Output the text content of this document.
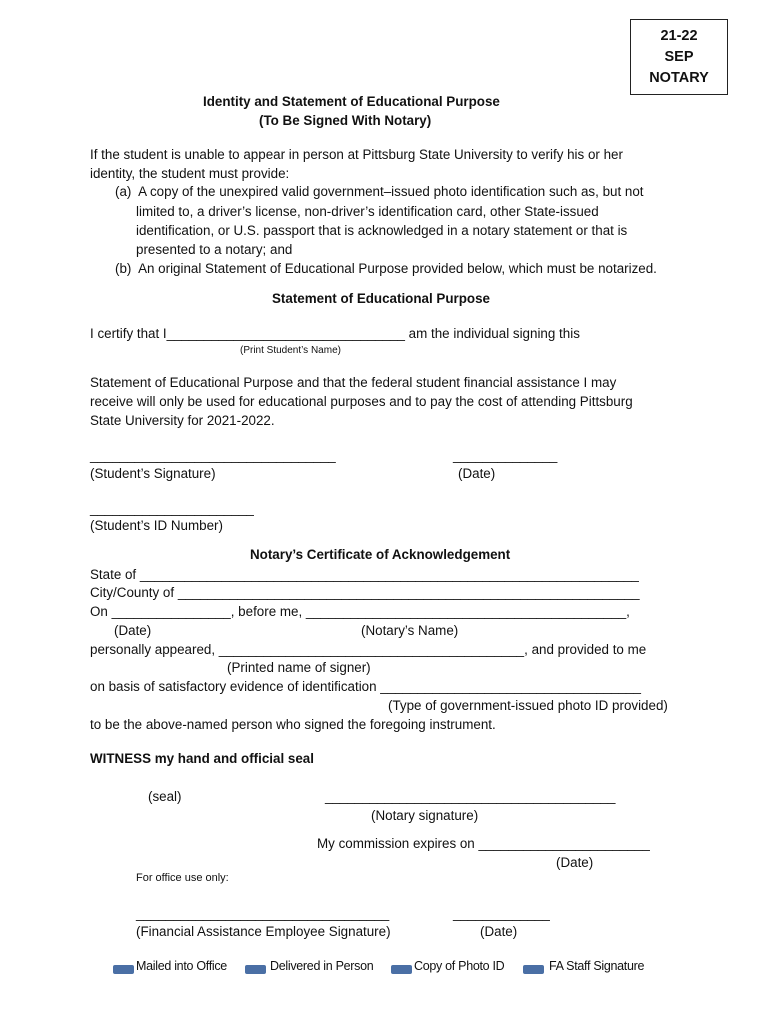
21-22
SEP
NOTARY
Identity and Statement of Educational Purpose
(To Be Signed With Notary)
If the student is unable to appear in person at Pittsburg State University to verify his or her
identity, the student must provide:
(a)  A copy of the unexpired valid government–issued photo identification such as, but not
limited to, a driver’s license, non-driver’s identification card, other State-issued
identification, or U.S. passport that is acknowledged in a notary statement or that is
presented to a notary; and
(b)  An original Statement of Educational Purpose provided below, which must be notarized.
Statement of Educational Purpose
I certify that I________________________________ am the individual signing this
(Print Student’s Name)
Statement of Educational Purpose and that the federal student financial assistance I may
receive will only be used for educational purposes and to pay the cost of attending Pittsburg
State University for 2021-2022.
_________________________________	______________
(Student’s Signature)	(Date)
______________________
(Student’s ID Number)
Notary’s Certificate of Acknowledgement
State of ___________________________________________________________________
City/County of ______________________________________________________________
On ________________, before me, ___________________________________________,
(Date)	(Notary’s Name)
personally appeared, _________________________________________, and provided to me
(Printed name of signer)
on basis of satisfactory evidence of identification ___________________________________
(Type of government-issued photo ID provided)
to be the above-named person who signed the foregoing instrument.
WITNESS my hand and official seal
(seal)	_______________________________________
(Notary signature)
My commission expires on _______________________
(Date)
For office use only:
__________________________________	_____________
(Financial Assistance Employee Signature)	(Date)
Mailed into Office	Delivered in Person	Copy of Photo ID	FA Staff Signature
